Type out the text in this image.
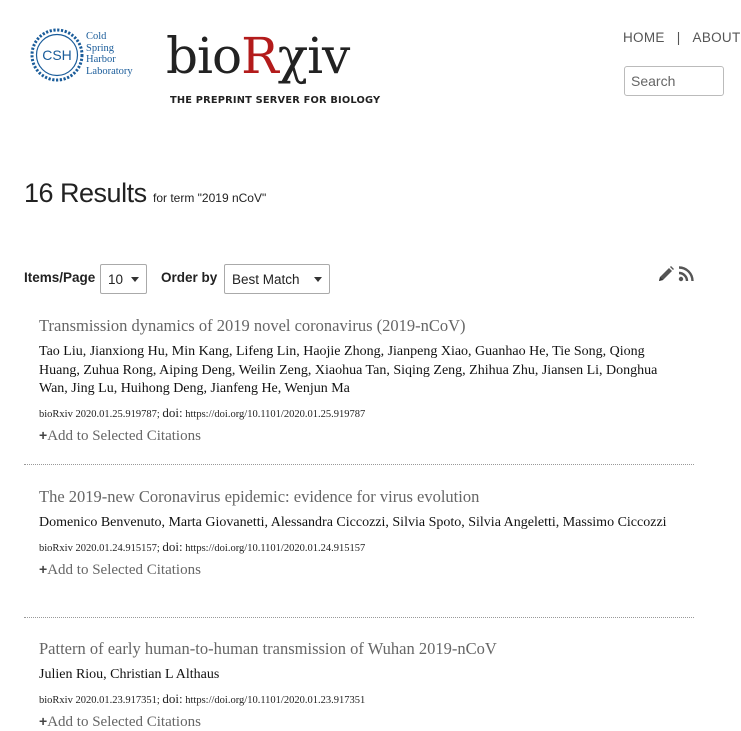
CSH
Cold
Spring
Harbor
Laboratory bioRχiv
THE PREPRINT SERVER FOR BIOLOGY
HOME | ABOUT
Search
16 Results for term "2019 nCoV"
Items/Page 10	Order by Best Match
Transmission dynamics of 2019 novel coronavirus (2019-nCoV)
Tao Liu, Jianxiong Hu, Min Kang, Lifeng Lin, Haojie Zhong, Jianpeng Xiao, Guanhao He, Tie Song, Qiong Huang, Zuhua Rong, Aiping Deng, Weilin Zeng, Xiaohua Tan, Siqing Zeng, Zhihua Zhu, Jiansen Li, Donghua Wan, Jing Lu, Huihong Deng, Jianfeng He, Wenjun Ma
bioRxiv 2020.01.25.919787; doi: https://doi.org/10.1101/2020.01.25.919787
+Add to Selected Citations
The 2019-new Coronavirus epidemic: evidence for virus evolution
Domenico Benvenuto, Marta Giovanetti, Alessandra Ciccozzi, Silvia Spoto, Silvia Angeletti, Massimo Ciccozzi
bioRxiv 2020.01.24.915157; doi: https://doi.org/10.1101/2020.01.24.915157
+Add to Selected Citations
Pattern of early human-to-human transmission of Wuhan 2019-nCoV
Julien Riou, Christian L Althaus
bioRxiv 2020.01.23.917351; doi: https://doi.org/10.1101/2020.01.23.917351
+Add to Selected Citations
